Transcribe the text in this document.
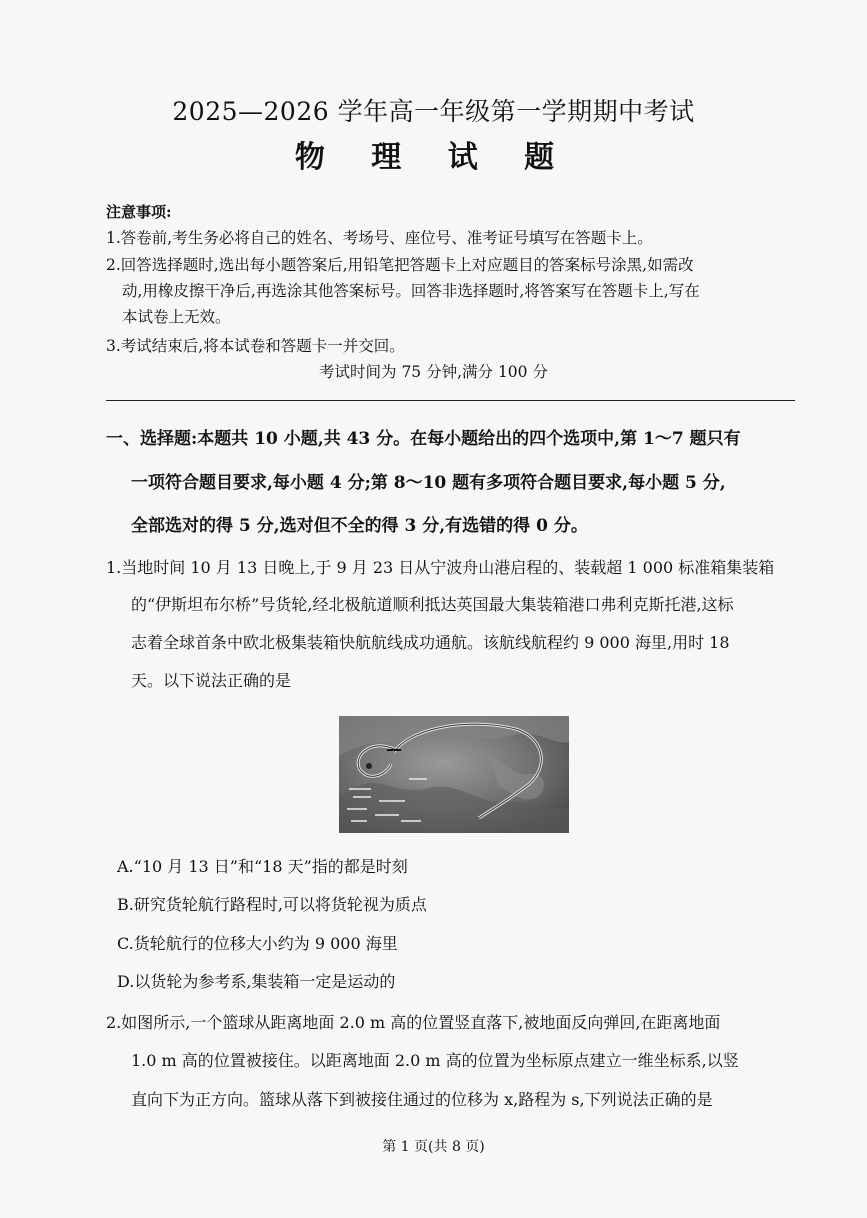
2025—2026 学年高一年级第一学期期中考试
物 理 试 题
注意事项:
1.答卷前,考生务必将自己的姓名、考场号、座位号、准考证号填写在答题卡上。
2.回答选择题时,选出每小题答案后,用铅笔把答题卡上对应题目的答案标号涂黑,如需改
动,用橡皮擦干净后,再选涂其他答案标号。回答非选择题时,将答案写在答题卡上,写在
本试卷上无效。
3.考试结束后,将本试卷和答题卡一并交回。
考试时间为 75 分钟,满分 100 分
一、选择题:本题共 10 小题,共 43 分。在每小题给出的四个选项中,第 1～7 题只有
一项符合题目要求,每小题 4 分;第 8～10 题有多项符合题目要求,每小题 5 分,
全部选对的得 5 分,选对但不全的得 3 分,有选错的得 0 分。
1.当地时间 10 月 13 日晚上,于 9 月 23 日从宁波舟山港启程的、装载超 1 000 标准箱集装箱
的“伊斯坦布尔桥”号货轮,经北极航道顺利抵达英国最大集装箱港口弗利克斯托港,这标
志着全球首条中欧北极集装箱快航航线成功通航。该航线航程约 9 000 海里,用时 18
天。以下说法正确的是
A.“10 月 13 日”和“18 天”指的都是时刻
B.研究货轮航行路程时,可以将货轮视为质点
C.货轮航行的位移大小约为 9 000 海里
D.以货轮为参考系,集装箱一定是运动的
2.如图所示,一个篮球从距离地面 2.0 m 高的位置竖直落下,被地面反向弹回,在距离地面
1.0 m 高的位置被接住。以距离地面 2.0 m 高的位置为坐标原点建立一维坐标系,以竖
直向下为正方向。篮球从落下到被接住通过的位移为 x,路程为 s,下列说法正确的是
第 1 页(共 8 页)
